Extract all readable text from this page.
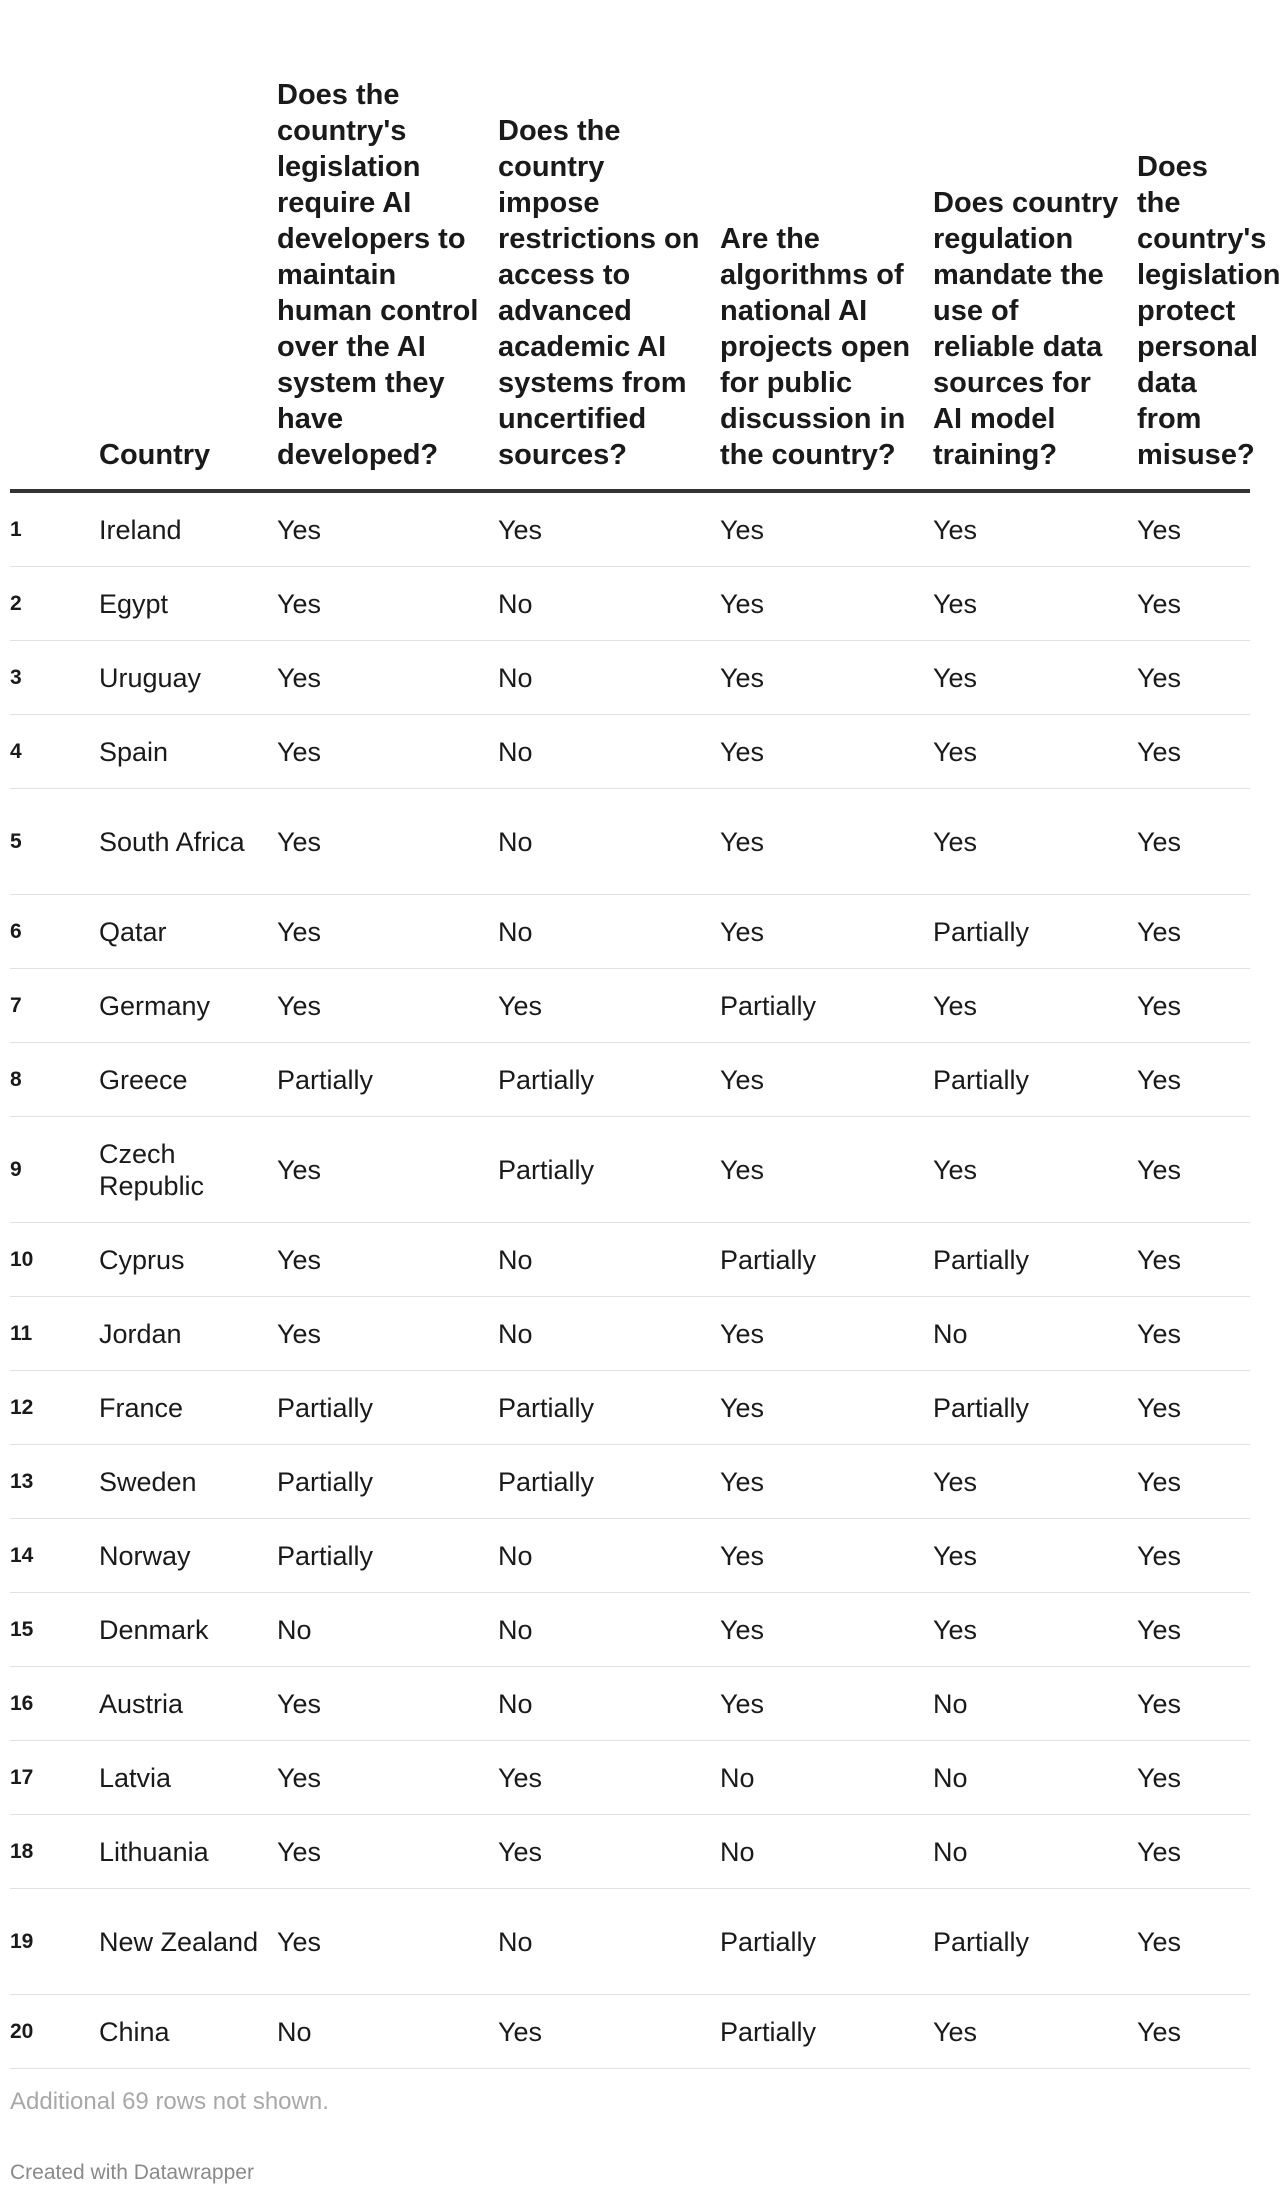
	Country	Does the country's legislation require AI developers to maintain human control over the AI system they have developed?	Does the country impose restrictions on access to advanced academic AI systems from uncertified sources?	Are the algorithms of national AI projects open for public discussion in the country?	Does country regulation mandate the use of reliable data sources for AI model training?	Does the country's legislation protect personal data from misuse?
1	Ireland	Yes	Yes	Yes	Yes	Yes
2	Egypt	Yes	No	Yes	Yes	Yes
3	Uruguay	Yes	No	Yes	Yes	Yes
4	Spain	Yes	No	Yes	Yes	Yes
5	South Africa	Yes	No	Yes	Yes	Yes
6	Qatar	Yes	No	Yes	Partially	Yes
7	Germany	Yes	Yes	Partially	Yes	Yes
8	Greece	Partially	Partially	Yes	Partially	Yes
9	Czech Republic	Yes	Partially	Yes	Yes	Yes
10	Cyprus	Yes	No	Partially	Partially	Yes
11	Jordan	Yes	No	Yes	No	Yes
12	France	Partially	Partially	Yes	Partially	Yes
13	Sweden	Partially	Partially	Yes	Yes	Yes
14	Norway	Partially	No	Yes	Yes	Yes
15	Denmark	No	No	Yes	Yes	Yes
16	Austria	Yes	No	Yes	No	Yes
17	Latvia	Yes	Yes	No	No	Yes
18	Lithuania	Yes	Yes	No	No	Yes
19	New Zealand	Yes	No	Partially	Partially	Yes
20	China	No	Yes	Partially	Yes	Yes
Additional 69 rows not shown.
Created with Datawrapper
